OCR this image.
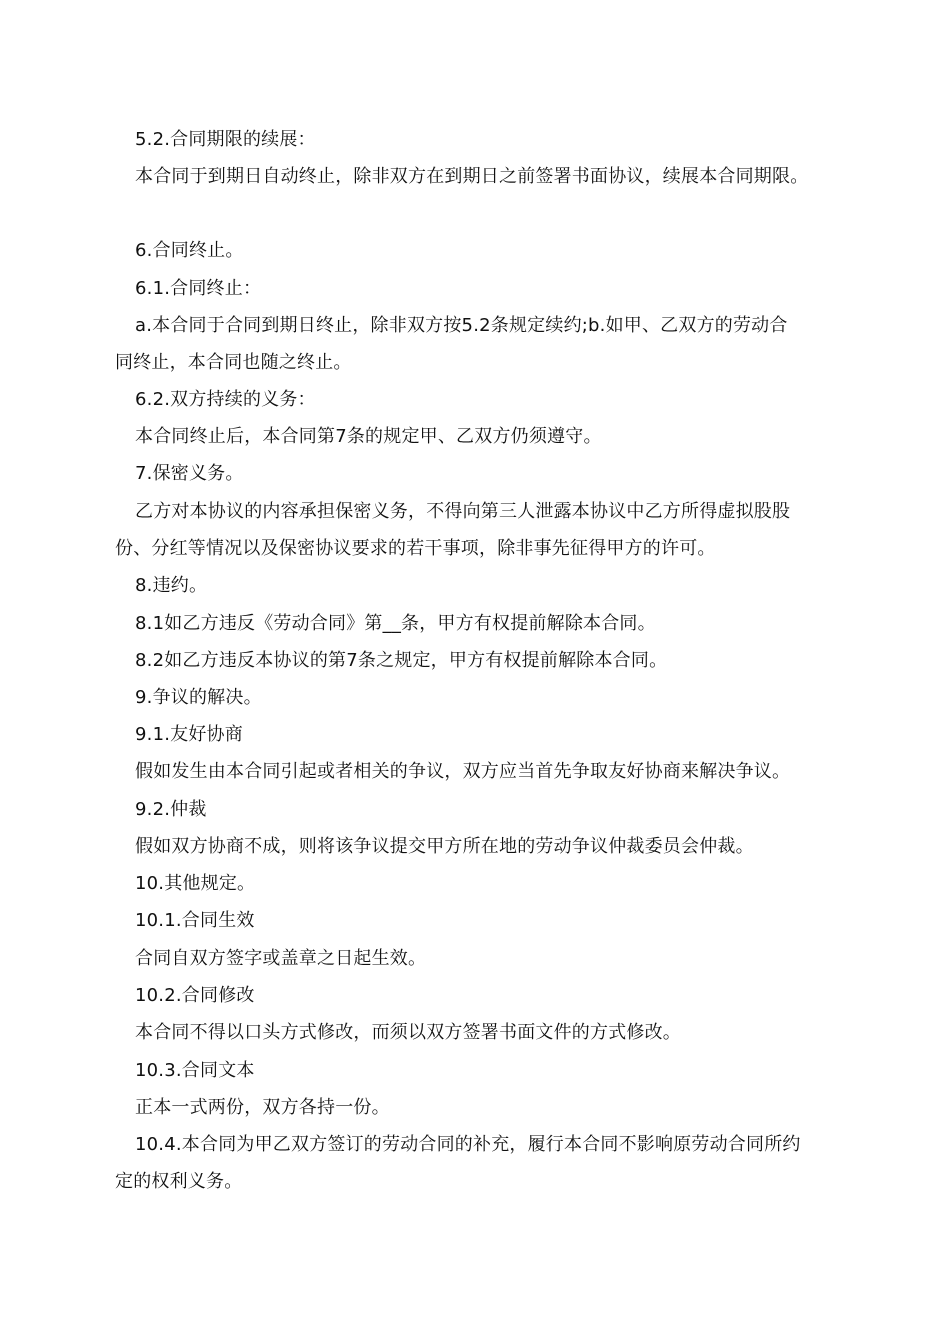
5.2.合同期限的续展：
本合同于到期日自动终止，除非双方在到期日之前签署书面协议，续展本合同期限。
6.合同终止。
6.1.合同终止：
a.本合同于合同到期日终止，除非双方按5.2条规定续约;b.如甲、乙双方的劳动合
同终止，本合同也随之终止。
6.2.双方持续的义务：
本合同终止后，本合同第7条的规定甲、乙双方仍须遵守。
7.保密义务。
乙方对本协议的内容承担保密义务，不得向第三人泄露本协议中乙方所得虚拟股股
份、分红等情况以及保密协议要求的若干事项，除非事先征得甲方的许可。
8.违约。
8.1如乙方违反《劳动合同》第__条，甲方有权提前解除本合同。
8.2如乙方违反本协议的第7条之规定，甲方有权提前解除本合同。
9.争议的解决。
9.1.友好协商
假如发生由本合同引起或者相关的争议，双方应当首先争取友好协商来解决争议。
9.2.仲裁
假如双方协商不成，则将该争议提交甲方所在地的劳动争议仲裁委员会仲裁。
10.其他规定。
10.1.合同生效
合同自双方签字或盖章之日起生效。
10.2.合同修改
本合同不得以口头方式修改，而须以双方签署书面文件的方式修改。
10.3.合同文本
正本一式两份，双方各持一份。
10.4.本合同为甲乙双方签订的劳动合同的补充，履行本合同不影响原劳动合同所约
定的权利义务。
